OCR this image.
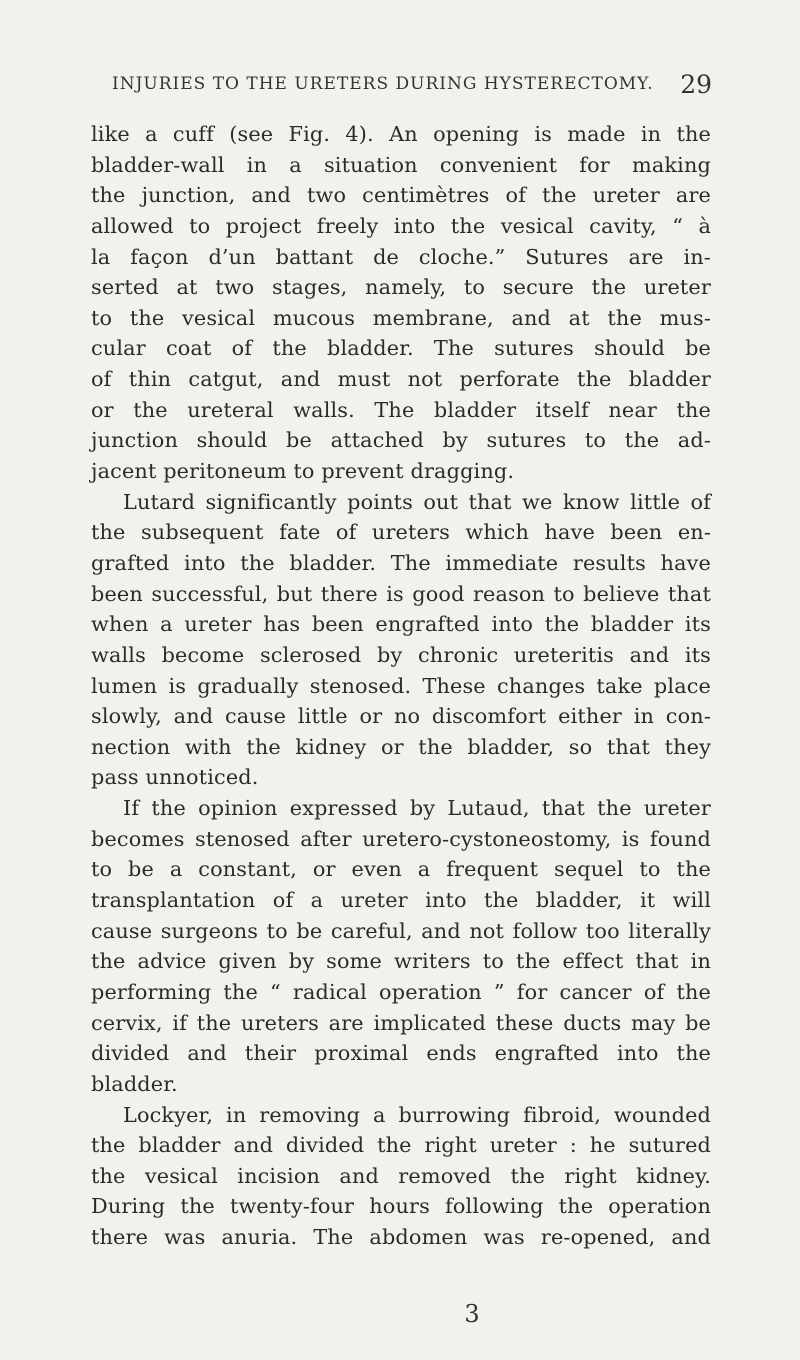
INJURIES TO THE URETERS DURING HYSTERECTOMY. 29
like a cuff (see Fig. 4). An opening is made in the
bladder-wall in a situation convenient for making
the junction, and two centimètres of the ureter are
allowed to project freely into the vesical cavity, “ à
la façon d’un battant de cloche.” Sutures are in-
serted at two stages, namely, to secure the ureter
to the vesical mucous membrane, and at the mus-
cular coat of the bladder. The sutures should be
of thin catgut, and must not perforate the bladder
or the ureteral walls. The bladder itself near the
junction should be attached by sutures to the ad-
jacent peritoneum to prevent dragging.
Lutard significantly points out that we know little of
the subsequent fate of ureters which have been en-
grafted into the bladder. The immediate results have
been successful, but there is good reason to believe that
when a ureter has been engrafted into the bladder its
walls become sclerosed by chronic ureteritis and its
lumen is gradually stenosed. These changes take place
slowly, and cause little or no discomfort either in con-
nection with the kidney or the bladder, so that they
pass unnoticed.
If the opinion expressed by Lutaud, that the ureter
becomes stenosed after uretero-cystoneostomy, is found
to be a constant, or even a frequent sequel to the
transplantation of a ureter into the bladder, it will
cause surgeons to be careful, and not follow too literally
the advice given by some writers to the effect that in
performing the “ radical operation ” for cancer of the
cervix, if the ureters are implicated these ducts may be
divided and their proximal ends engrafted into the
bladder.
Lockyer, in removing a burrowing fibroid, wounded
the bladder and divided the right ureter : he sutured
the vesical incision and removed the right kidney.
During the twenty-four hours following the operation
there was anuria. The abdomen was re-opened, and
3
